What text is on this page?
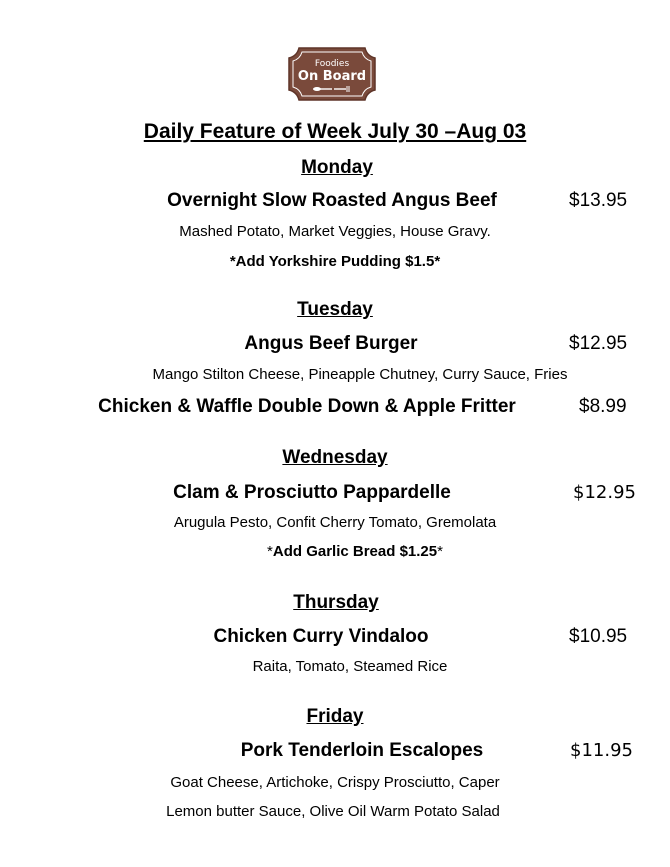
Foodies
On Board
Daily Feature of Week July 30 –Aug 03
Monday
Overnight Slow Roasted Angus Beef	$13.95
Mashed Potato, Market Veggies, House Gravy.
*Add Yorkshire Pudding $1.5*
Tuesday
Angus Beef Burger	$12.95
Mango Stilton Cheese, Pineapple Chutney, Curry Sauce, Fries
Chicken & Waffle Double Down & Apple Fritter	$8.99
Wednesday
Clam & Prosciutto Pappardelle	$12.95
Arugula Pesto, Confit Cherry Tomato, Gremolata
*Add Garlic Bread $1.25*
Thursday
Chicken Curry Vindaloo	$10.95
Raita, Tomato, Steamed Rice
Friday
Pork Tenderloin Escalopes	$11.95
Goat Cheese, Artichoke, Crispy Prosciutto, Caper
Lemon butter Sauce, Olive Oil Warm Potato Salad
